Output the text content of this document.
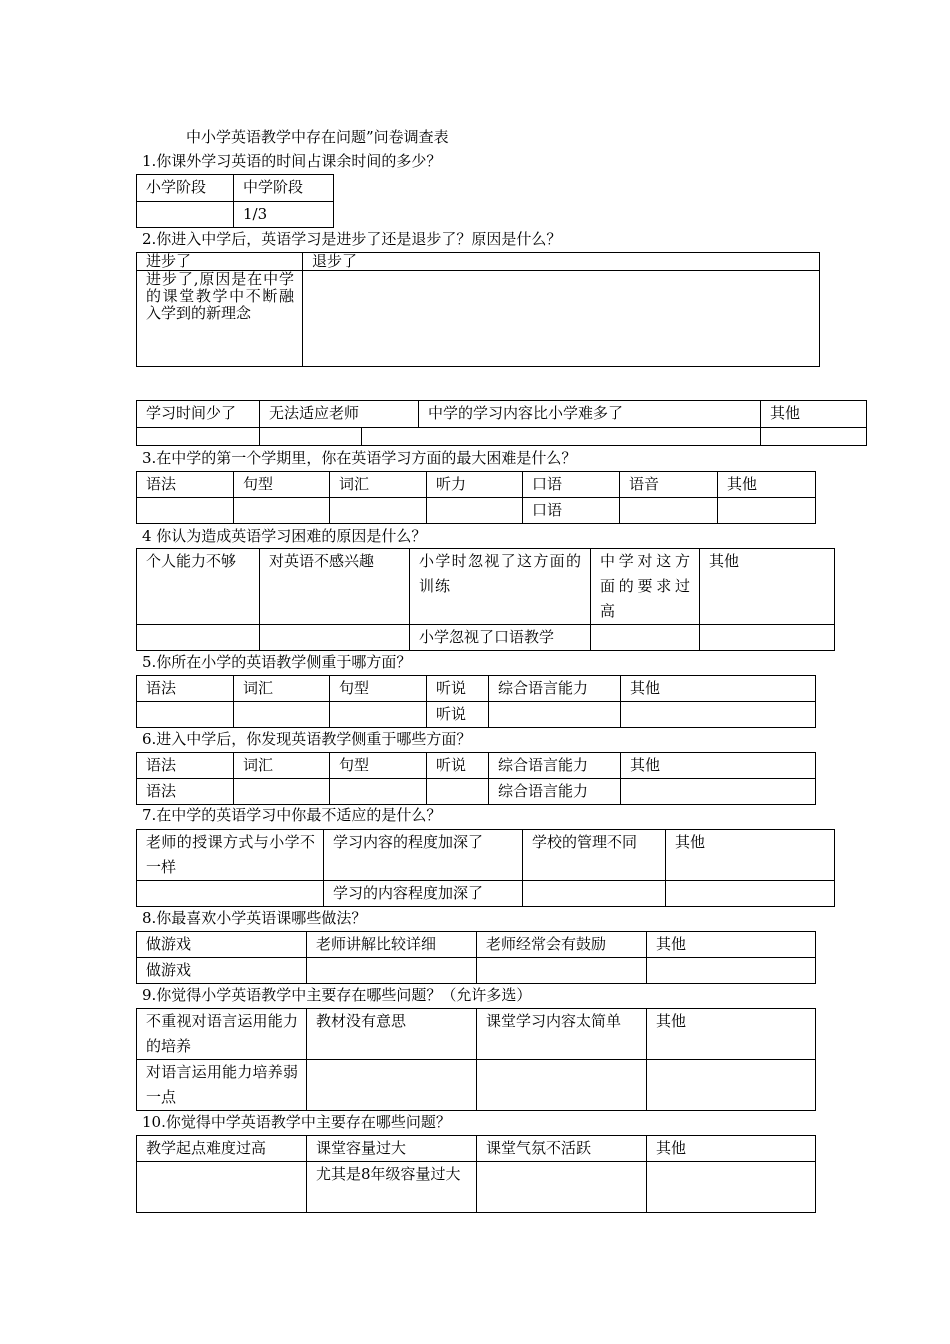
中小学英语教学中存在问题”问卷调查表
1.你课外学习英语的时间占课余时间的多少？
小学阶段	中学阶段
	1/3
2.你进入中学后，英语学习是进步了还是退步了？原因是什么？
进步了	退步了
进步了,原因是在中学的课堂教学中不断融入学到的新理念	
学习时间少了	无法适应老师		中学的学习内容比小学难多了	其他

3.在中学的第一个学期里，你在英语学习方面的最大困难是什么？
语法	句型	词汇	听力	口语	语音	其他
				口语		
4 你认为造成英语学习困难的原因是什么？
个人能力不够	对英语不感兴趣	小学时忽视了这方面的训练	中学对这方面的要求过高	其他
		小学忽视了口语教学		
5.你所在小学的英语教学侧重于哪方面？
语法	词汇	句型	听说	综合语言能力	其他
			听说		
6.进入中学后，你发现英语教学侧重于哪些方面？
语法	词汇	句型	听说	综合语言能力	其他
语法				综合语言能力	
7.在中学的英语学习中你最不适应的是什么？
老师的授课方式与小学不一样	学习内容的程度加深了	学校的管理不同	其他
	学习的内容程度加深了		
8.你最喜欢小学英语课哪些做法？
做游戏	老师讲解比较详细	老师经常会有鼓励	其他
做游戏			
9.你觉得小学英语教学中主要存在哪些问题？（允许多选）
不重视对语言运用能力的培养	教材没有意思	课堂学习内容太简单	其他
对语言运用能力培养弱一点			
10.你觉得中学英语教学中主要存在哪些问题？
教学起点难度过高	课堂容量过大	课堂气氛不活跃	其他
	尤其是8年级容量过大		
